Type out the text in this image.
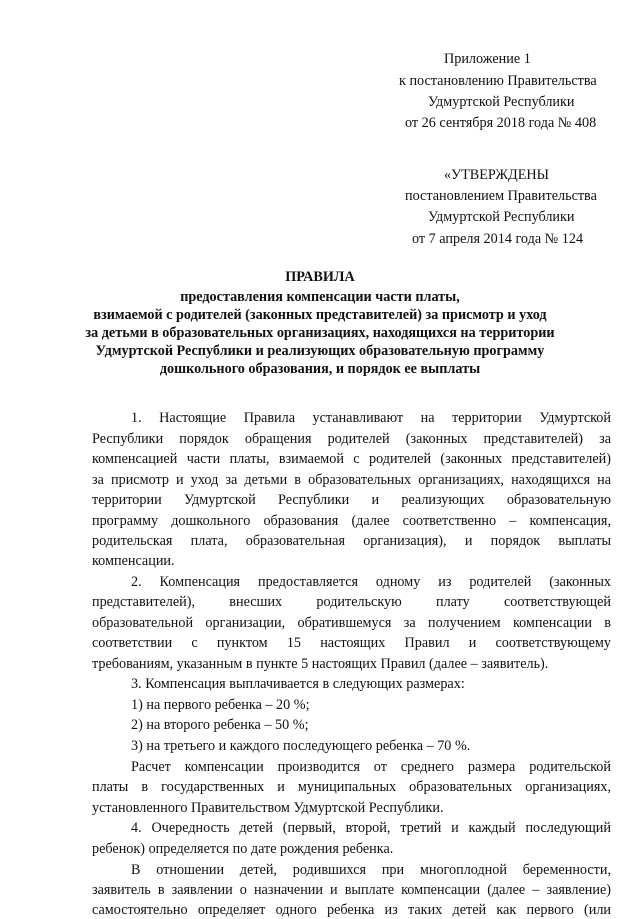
Приложение 1
к постановлению Правительства
Удмуртской Республики
от 26 сентября 2018 года № 408
«УТВЕРЖДЕНЫ
постановлением Правительства
Удмуртской Республики
от 7 апреля 2014 года № 124
ПРАВИЛА
предоставления компенсации части платы,
взимаемой с родителей (законных представителей) за присмотр и уход
за детьми в образовательных организациях, находящихся на территории
Удмуртской Республики и реализующих образовательную программу
дошкольного образования, и порядок ее выплаты
1. Настоящие Правила устанавливают на территории Удмуртской
Республики порядок обращения родителей (законных представителей) за
компенсацией части платы, взимаемой с родителей (законных представителей)
за присмотр и уход за детьми в образовательных организациях, находящихся на
территории Удмуртской Республики и реализующих образовательную
программу дошкольного образования (далее соответственно – компенсация,
родительская плата, образовательная организация), и порядок выплаты
компенсации.
2. Компенсация предоставляется одному из родителей (законных
представителей), внесших родительскую плату соответствующей
образовательной организации, обратившемуся за получением компенсации в
соответствии с пунктом 15 настоящих Правил и соответствующему
требованиям, указанным в пункте 5 настоящих Правил (далее – заявитель).
3. Компенсация выплачивается в следующих размерах:
1) на первого ребенка – 20 %;
2) на второго ребенка – 50 %;
3) на третьего и каждого последующего ребенка – 70 %.
Расчет компенсации производится от среднего размера родительской
платы в государственных и муниципальных образовательных организациях,
установленного Правительством Удмуртской Республики.
4. Очередность детей (первый, второй, третий и каждый последующий
ребенок) определяется по дате рождения ребенка.
В отношении детей, родившихся при многоплодной беременности,
заявитель в заявлении о назначении и выплате компенсации (далее – заявление)
самостоятельно определяет одного ребенка из таких детей как первого (или
